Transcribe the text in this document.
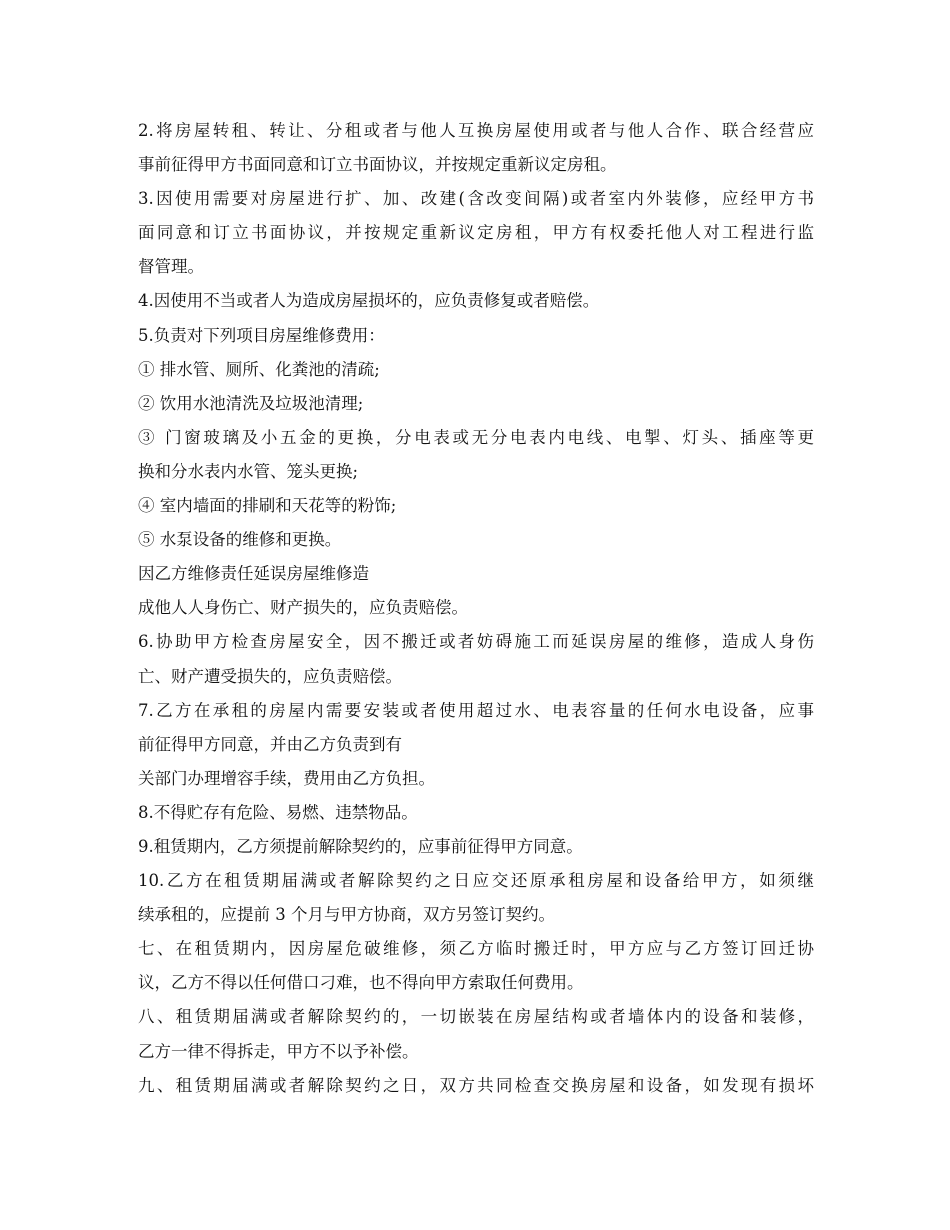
2.将房屋转租、转让、分租或者与他人互换房屋使用或者与他人合作、联合经营应
事前征得甲方书面同意和订立书面协议，并按规定重新议定房租。
3.因使用需要对房屋进行扩、加、改建(含改变间隔)或者室内外装修，应经甲方书
面同意和订立书面协议，并按规定重新议定房租，甲方有权委托他人对工程进行监
督管理。
4.因使用不当或者人为造成房屋损坏的，应负责修复或者赔偿。
5.负责对下列项目房屋维修费用：
① 排水管、厕所、化粪池的清疏;
② 饮用水池清洗及垃圾池清理;
③ 门窗玻璃及小五金的更换，分电表或无分电表内电线、电掣、灯头、插座等更
换和分水表内水管、笼头更换;
④ 室内墙面的排刷和天花等的粉饰;
⑤ 水泵设备的维修和更换。
因乙方维修责任延误房屋维修造
成他人人身伤亡、财产损失的，应负责赔偿。
6.协助甲方检查房屋安全，因不搬迁或者妨碍施工而延误房屋的维修，造成人身伤
亡、财产遭受损失的，应负责赔偿。
7.乙方在承租的房屋内需要安装或者使用超过水、电表容量的任何水电设备，应事
前征得甲方同意，并由乙方负责到有
关部门办理增容手续，费用由乙方负担。
8.不得贮存有危险、易燃、违禁物品。
9.租赁期内，乙方须提前解除契约的，应事前征得甲方同意。
10.乙方在租赁期届满或者解除契约之日应交还原承租房屋和设备给甲方，如须继
续承租的，应提前 3 个月与甲方协商，双方另签订契约。
七、在租赁期内，因房屋危破维修，须乙方临时搬迁时，甲方应与乙方签订回迁协
议，乙方不得以任何借口刁难，也不得向甲方索取任何费用。
八、租赁期届满或者解除契约的，一切嵌装在房屋结构或者墙体内的设备和装修，
乙方一律不得拆走，甲方不以予补偿。
九、租赁期届满或者解除契约之日，双方共同检查交换房屋和设备，如发现有损坏
